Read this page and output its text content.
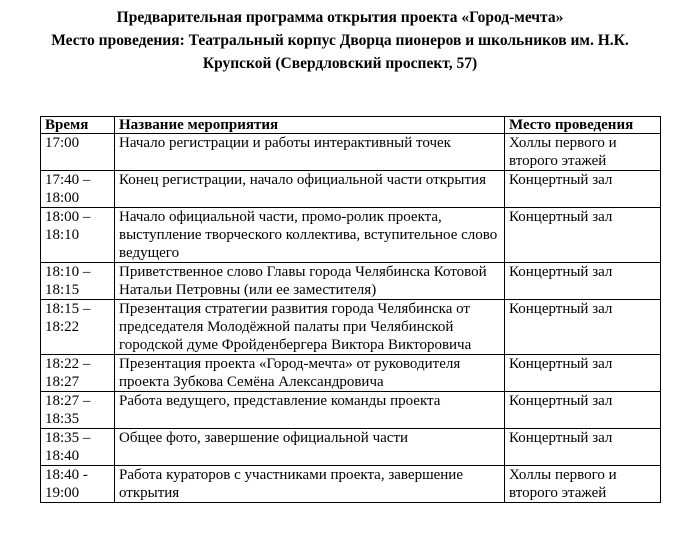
Предварительная программа открытия проекта «Город-мечта»
Место проведения: Театральный корпус Дворца пионеров и школьников им. Н.К.
Крупской (Свердловский проспект, 57)
Время	Название мероприятия	Место проведения
17:00	Начало регистрации и работы интерактивный точек	Холлы первого и второго этажей
17:40 – 18:00	Конец регистрации, начало официальной части открытия	Концертный зал
18:00 – 18:10	Начало официальной части, промо-ролик проекта, выступление творческого коллектива, вступительное слово ведущего	Концертный зал
18:10 – 18:15	Приветственное слово Главы города Челябинска Котовой Натальи Петровны (или ее заместителя)	Концертный зал
18:15 – 18:22	Презентация стратегии развития города Челябинска от председателя Молодёжной палаты при Челябинской городской думе Фройденбергера Виктора Викторовича	Концертный зал
18:22 – 18:27	Презентация проекта «Город-мечта» от руководителя проекта Зубкова Семёна Александровича	Концертный зал
18:27 – 18:35	Работа ведущего, представление команды проекта	Концертный зал
18:35 – 18:40	Общее фото, завершение официальной части	Концертный зал
18:40 - 19:00	Работа кураторов с участниками проекта, завершение открытия	Холлы первого и второго этажей
